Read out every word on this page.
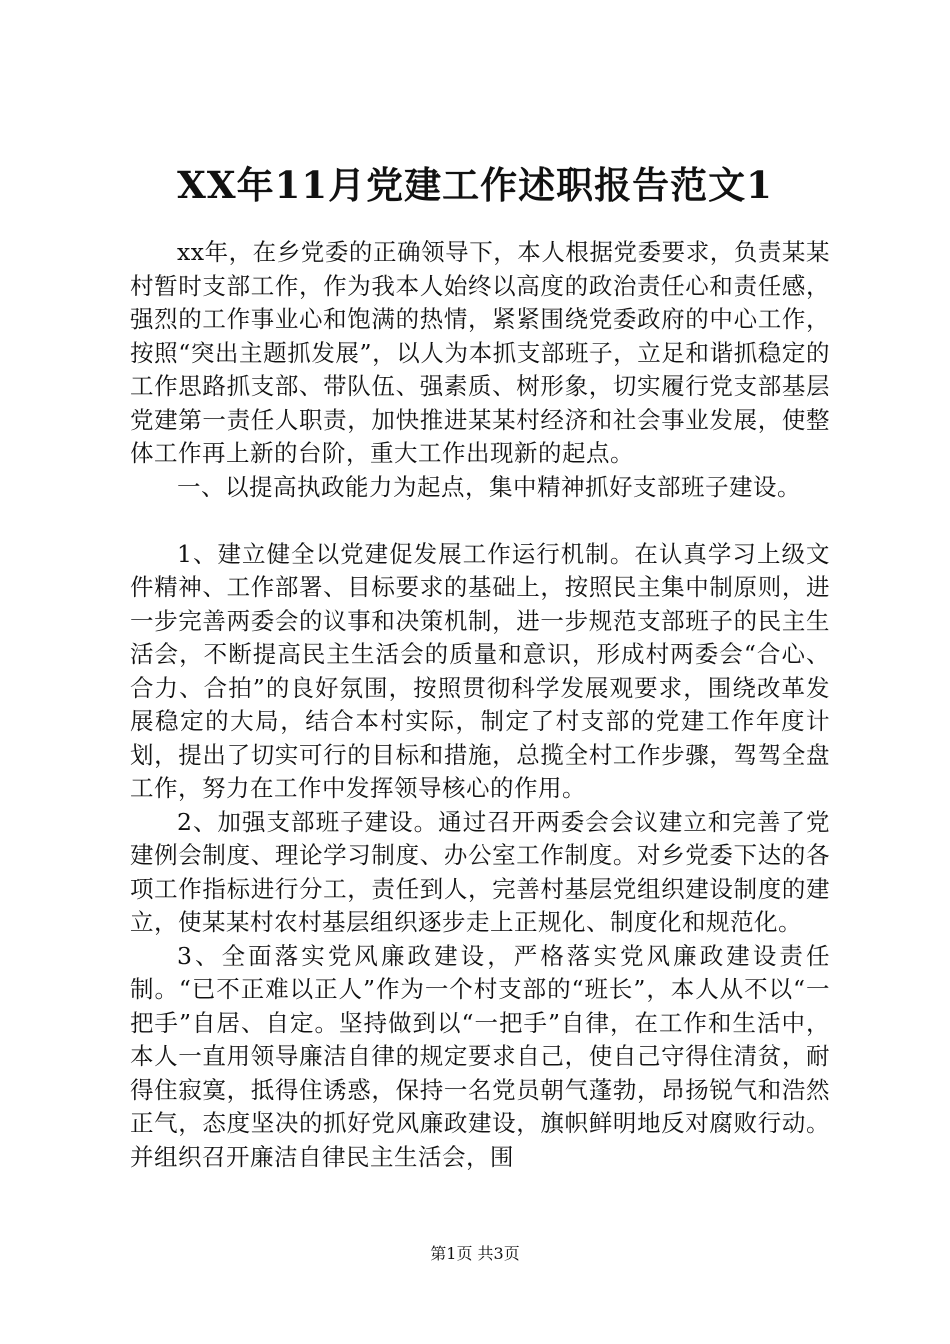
XX年11月党建工作述职报告范文1

xx年，在乡党委的正确领导下，本人根据党委要求，负责某某村暂时支部工作，作为我本人始终以高度的政治责任心和责任感，强烈的工作事业心和饱满的热情，紧紧围绕党委政府的中心工作，按照“突出主题抓发展”，以人为本抓支部班子，立足和谐抓稳定的工作思路抓支部、带队伍、强素质、树形象，切实履行党支部基层党建第一责任人职责，加快推进某某村经济和社会事业发展，使整体工作再上新的台阶，重大工作出现新的起点。

一、以提高执政能力为起点，集中精神抓好支部班子建设。

1、建立健全以党建促发展工作运行机制。在认真学习上级文件精神、工作部署、目标要求的基础上，按照民主集中制原则，进一步完善两委会的议事和决策机制，进一步规范支部班子的民主生活会，不断提高民主生活会的质量和意识，形成村两委会“合心、合力、合拍”的良好氛围，按照贯彻科学发展观要求，围绕改革发展稳定的大局，结合本村实际，制定了村支部的党建工作年度计划，提出了切实可行的目标和措施，总揽全村工作步骤，驾驾全盘工作，努力在工作中发挥领导核心的作用。

2、加强支部班子建设。通过召开两委会会议建立和完善了党建例会制度、理论学习制度、办公室工作制度。对乡党委下达的各项工作指标进行分工，责任到人，完善村基层党组织建设制度的建立，使某某村农村基层组织逐步走上正规化、制度化和规范化。

3、全面落实党风廉政建设，严格落实党风廉政建设责任制。“已不正难以正人”作为一个村支部的“班长”，本人从不以“一把手”自居、自定。坚持做到以“一把手”自律，在工作和生活中，本人一直用领导廉洁自律的规定要求自己，使自己守得住清贫，耐得住寂寞，抵得住诱惑，保持一名党员朝气蓬勃，昂扬锐气和浩然正气，态度坚决的抓好党风廉政建设，旗帜鲜明地反对腐败行动。并组织召开廉洁自律民主生活会，围

第1页 共3页
